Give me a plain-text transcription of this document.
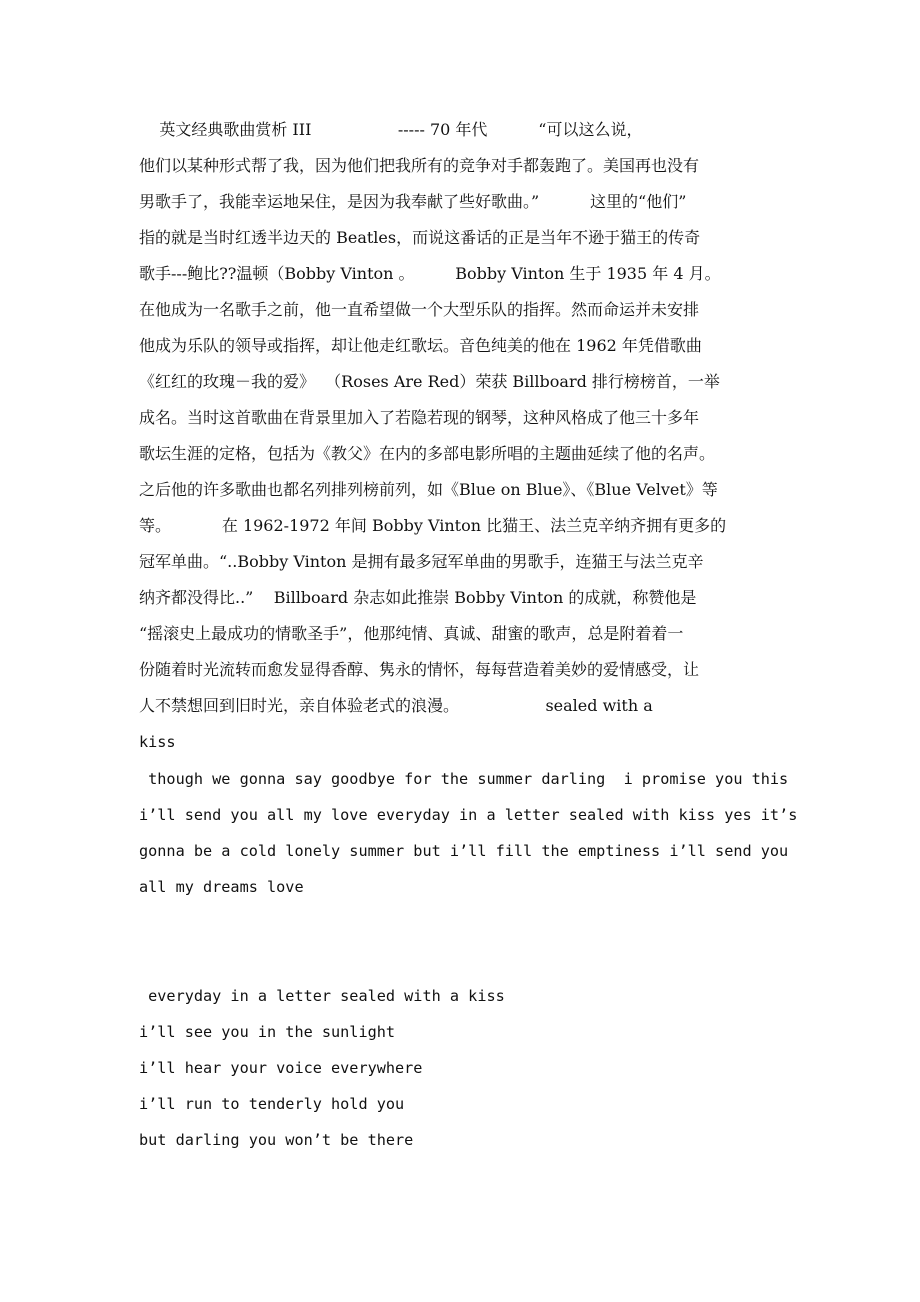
英文经典歌曲赏析 III                 ----- 70 年代          “可以这么说，
他们以某种形式帮了我，因为他们把我所有的竞争对手都轰跑了。美国再也没有
男歌手了，我能幸运地呆住，是因为我奉献了些好歌曲。”          这里的“他们”
指的就是当时红透半边天的 Beatles，而说这番话的正是当年不逊于猫王的传奇
歌手---鲍比??温顿（Bobby Vinton 。        Bobby Vinton 生于 1935 年 4 月。
在他成为一名歌手之前，他一直希望做一个大型乐队的指挥。然而命运并未安排
他成为乐队的领导或指挥，却让他走红歌坛。音色纯美的他在 1962 年凭借歌曲
《红红的玫瑰－我的爱》  （Roses Are Red）荣获 Billboard 排行榜榜首，一举
成名。当时这首歌曲在背景里加入了若隐若现的钢琴，这种风格成了他三十多年
歌坛生涯的定格，包括为《教父》在内的多部电影所唱的主题曲延续了他的名声。
之后他的许多歌曲也都名列排列榜前列，如《Blue on Blue》、《Blue Velvet》等
等。          在 1962-1972 年间 Bobby Vinton 比猫王、法兰克辛纳齐拥有更多的
冠军单曲。“..Bobby Vinton 是拥有最多冠军单曲的男歌手，连猫王与法兰克辛
纳齐都没得比..”    Billboard 杂志如此推崇 Bobby Vinton 的成就，称赞他是
“摇滚史上最成功的情歌圣手”，他那纯情、真诚、甜蜜的歌声，总是附着着一
份随着时光流转而愈发显得香醇、隽永的情怀，每每营造着美妙的爱情感受，让
人不禁想回到旧时光，亲自体验老式的浪漫。                 sealed with a
kiss
though we gonna say goodbye for the summer darling  i promise you this
i’ll send you all my love everyday in a letter sealed with kiss yes it’s
gonna be a cold lonely summer but i’ll fill the emptiness i’ll send you
all my dreams love
everyday in a letter sealed with a kiss
i’ll see you in the sunlight
i’ll hear your voice everywhere
i’ll run to tenderly hold you
but darling you won’t be there
